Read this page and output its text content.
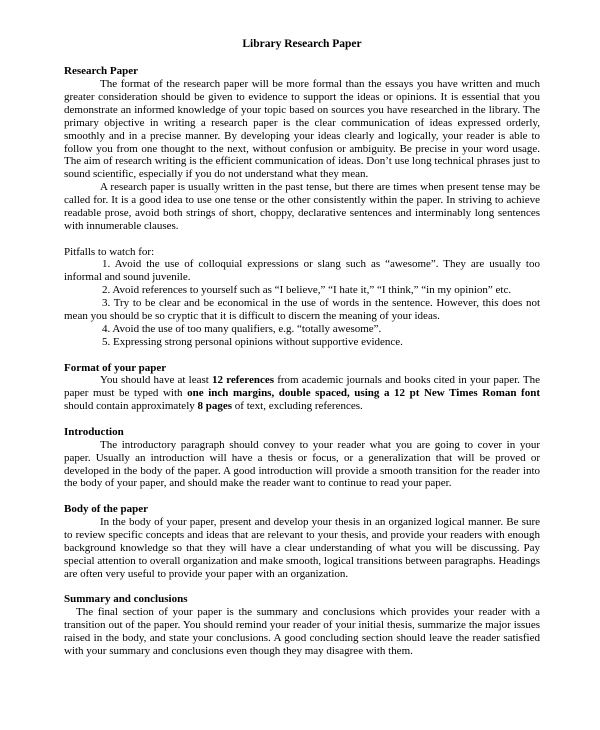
Library Research Paper
Research Paper

The format of the research paper will be more formal than the essays you have written and much greater consideration should be given to evidence to support the ideas or opinions. It is essential that you demonstrate an informed knowledge of your topic based on sources you have researched in the library. The primary objective in writing a research paper is the clear communication of ideas expressed orderly, smoothly and in a precise manner. By developing your ideas clearly and logically, your reader is able to follow you from one thought to the next, without confusion or ambiguity. Be precise in your word usage. The aim of research writing is the efficient communication of ideas. Don’t use long technical phrases just to sound scientific, especially if you do not understand what they mean.

A research paper is usually written in the past tense, but there are times when present tense may be called for. It is a good idea to use one tense or the other consistently within the paper. In striving to achieve readable prose, avoid both strings of short, choppy, declarative sentences and interminably long sentences with innumerable clauses.

Pitfalls to watch for:

1. Avoid the use of colloquial expressions or slang such as “awesome”. They are usually too informal and sound juvenile.

2. Avoid references to yourself such as “I believe,” “I hate it,” “I think,” “in my opinion” etc.

3. Try to be clear and be economical in the use of words in the sentence. However, this does not mean you should be so cryptic that it is difficult to discern the meaning of your ideas.

4. Avoid the use of too many qualifiers, e.g. “totally awesome”.

5. Expressing strong personal opinions without supportive evidence.

Format of your paper

You should have at least 12 references from academic journals and books cited in your paper. The paper must be typed with one inch margins, double spaced, using a 12 pt New Times Roman font should contain approximately 8 pages of text, excluding references.

Introduction

The introductory paragraph should convey to your reader what you are going to cover in your paper. Usually an introduction will have a thesis or focus, or a generalization that will be proved or developed in the body of the paper. A good introduction will provide a smooth transition for the reader into the body of your paper, and should make the reader want to continue to read your paper.

Body of the paper

In the body of your paper, present and develop your thesis in an organized logical manner. Be sure to review specific concepts and ideas that are relevant to your thesis, and provide your readers with enough background knowledge so that they will have a clear understanding of what you will be discussing. Pay special attention to overall organization and make smooth, logical transitions between paragraphs. Headings are often very useful to provide your paper with an organization.

Summary and conclusions

The final section of your paper is the summary and conclusions which provides your reader with a transition out of the paper. You should remind your reader of your initial thesis, summarize the major issues raised in the body, and state your conclusions. A good concluding section should leave the reader satisfied with your summary and conclusions even though they may disagree with them.
